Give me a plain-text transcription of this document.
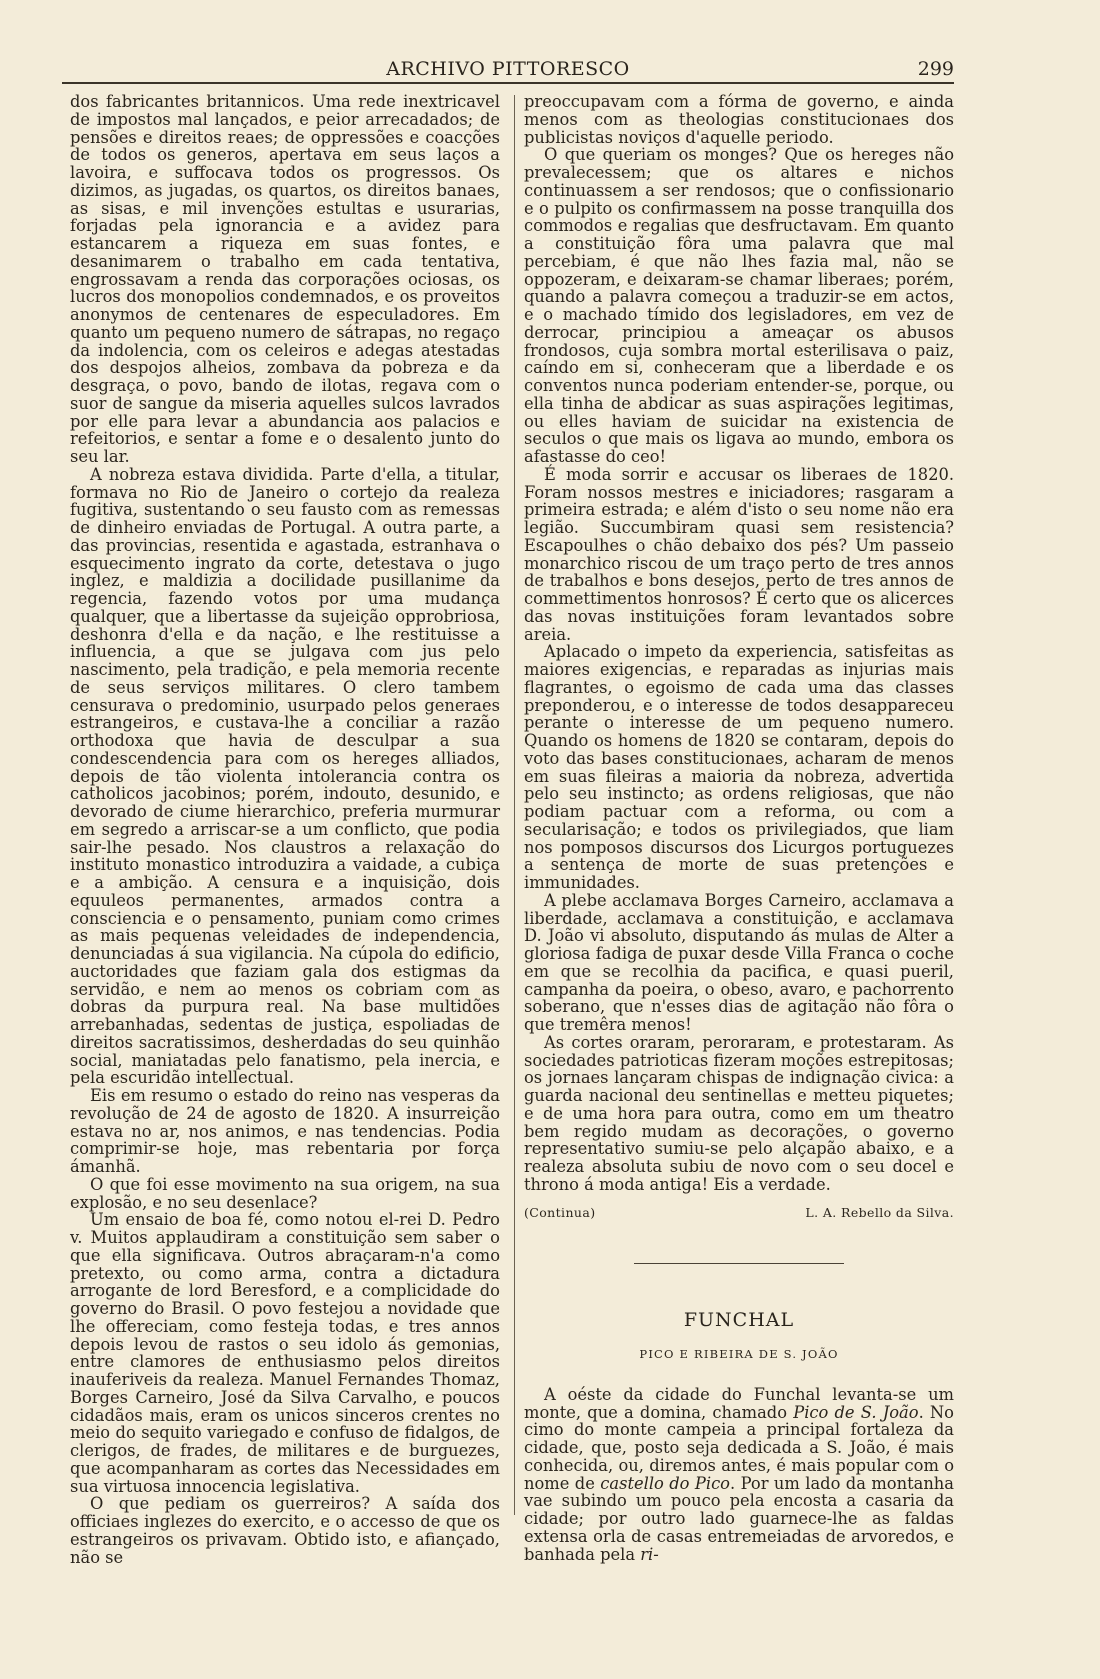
ARCHIVO PITTORESCO	299

dos fabricantes britannicos. Uma rede inextricavel de impostos mal lançados, e peior arrecadados; de pensões e direitos reaes; de oppressões e coacções de todos os generos, apertava em seus laços a lavoira, e suffocava todos os progressos. Os dizimos, as jugadas, os quartos, os direitos banaes, as sisas, e mil invenções estultas e usurarias, forjadas pela ignorancia e a avidez para estancarem a riqueza em suas fontes, e desanimarem o trabalho em cada tentativa, engrossavam a renda das corporações ociosas, os lucros dos monopolios condemnados, e os proveitos anonymos de centenares de especuladores. Em quanto um pequeno numero de sátrapas, no regaço da indolencia, com os celeiros e adegas atestadas dos despojos alheios, zombava da pobreza e da desgraça, o povo, bando de ilotas, regava com o suor de sangue da miseria aquelles sulcos lavrados por elle para levar a abundancia aos palacios e refeitorios, e sentar a fome e o desalento junto do seu lar.

A nobreza estava dividida. Parte d'ella, a titular, formava no Rio de Janeiro o cortejo da realeza fugitiva, sustentando o seu fausto com as remessas de dinheiro enviadas de Portugal. A outra parte, a das provincias, resentida e agastada, estranhava o esquecimento ingrato da corte, detestava o jugo inglez, e maldizia a docilidade pusillanime da regencia, fazendo votos por uma mudança qualquer, que a libertasse da sujeição opprobriosa, deshonra d'ella e da nação, e lhe restituisse a influencia, a que se julgava com jus pelo nascimento, pela tradição, e pela memoria recente de seus serviços militares. O clero tambem censurava o predominio, usurpado pelos generaes estrangeiros, e custava-lhe a conciliar a razão orthodoxa que havia de desculpar a sua condescendencia para com os hereges alliados, depois de tão violenta intolerancia contra os catholicos jacobinos; porém, indouto, desunido, e devorado de ciume hierarchico, preferia murmurar em segredo a arriscar-se a um conflicto, que podia sair-lhe pesado. Nos claustros a relaxação do instituto monastico introduzira a vaidade, a cubiça e a ambição. A censura e a inquisição, dois equuleos permanentes, armados contra a consciencia e o pensamento, puniam como crimes as mais pequenas veleidades de independencia, denunciadas á sua vigilancia. Na cúpola do edificio, auctoridades que faziam gala dos estigmas da servidão, e nem ao menos os cobriam com as dobras da purpura real. Na base multidões arrebanhadas, sedentas de justiça, espoliadas de direitos sacratissimos, desherdadas do seu quinhão social, maniatadas pelo fanatismo, pela inercia, e pela escuridão intellectual.

Eis em resumo o estado do reino nas vesperas da revolução de 24 de agosto de 1820. A insurreição estava no ar, nos animos, e nas tendencias. Podia comprimir-se hoje, mas rebentaria por força ámanhã.

O que foi esse movimento na sua origem, na sua explosão, e no seu desenlace?

Um ensaio de boa fé, como notou el-rei D. Pedro v. Muitos applaudiram a constituição sem saber o que ella significava. Outros abraçaram-n'a como pretexto, ou como arma, contra a dictadura arrogante de lord Beresford, e a complicidade do governo do Brasil. O povo festejou a novidade que lhe offereciam, como festeja todas, e tres annos depois levou de rastos o seu idolo ás gemonias, entre clamores de enthusiasmo pelos direitos inauferiveis da realeza. Manuel Fernandes Thomaz, Borges Carneiro, José da Silva Carvalho, e poucos cidadãos mais, eram os unicos sinceros crentes no meio do sequito variegado e confuso de fidalgos, de clerigos, de frades, de militares e de burguezes, que acompanharam as cortes das Necessidades em sua virtuosa innocencia legislativa.

O que pediam os guerreiros? A saída dos officiaes inglezes do exercito, e o accesso de que os estrangeiros os privavam. Obtido isto, e afiançado, não se

preoccupavam com a fórma de governo, e ainda menos com as theologias constitucionaes dos publicistas noviços d'aquelle periodo.

O que queriam os monges? Que os hereges não prevalecessem; que os altares e nichos continuassem a ser rendosos; que o confissionario e o pulpito os confirmassem na posse tranquilla dos commodos e regalias que desfructavam. Em quanto a constituição fôra uma palavra que mal percebiam, é que não lhes fazia mal, não se oppozeram, e deixaram-se chamar liberaes; porém, quando a palavra começou a traduzir-se em actos, e o machado tímido dos legisladores, em vez de derrocar, principiou a ameaçar os abusos frondosos, cuja sombra mortal esterilisava o paiz, caíndo em si, conheceram que a liberdade e os conventos nunca poderiam entender-se, porque, ou ella tinha de abdicar as suas aspirações legitimas, ou elles haviam de suicidar na existencia de seculos o que mais os ligava ao mundo, embora os afastasse do ceo!

É moda sorrir e accusar os liberaes de 1820. Foram nossos mestres e iniciadores; rasgaram a primeira estrada; e além d'isto o seu nome não era legião. Succumbiram quasi sem resistencia? Escapoulhes o chão debaixo dos pés? Um passeio monarchico riscou de um traço perto de tres annos de trabalhos e bons desejos, perto de tres annos de commettimentos honrosos? É certo que os alicerces das novas instituições foram levantados sobre areia.

Aplacado o impeto da experiencia, satisfeitas as maiores exigencias, e reparadas as injurias mais flagrantes, o egoismo de cada uma das classes preponderou, e o interesse de todos desappareceu perante o interesse de um pequeno numero. Quando os homens de 1820 se contaram, depois do voto das bases constitucionaes, acharam de menos em suas fileiras a maioria da nobreza, advertida pelo seu instincto; as ordens religiosas, que não podiam pactuar com a reforma, ou com a secularisação; e todos os privilegiados, que liam nos pomposos discursos dos Licurgos portuguezes a sentença de morte de suas pretenções e immunidades.

A plebe acclamava Borges Carneiro, acclamava a liberdade, acclamava a constituição, e acclamava D. João vi absoluto, disputando ás mulas de Alter a gloriosa fadiga de puxar desde Villa Franca o coche em que se recolhia da pacifica, e quasi pueril, campanha da poeira, o obeso, avaro, e pachorrento soberano, que n'esses dias de agitação não fôra o que tremêra menos!

As cortes oraram, peroraram, e protestaram. As sociedades patrioticas fizeram moções estrepitosas; os jornaes lançaram chispas de indignação civica: a guarda nacional deu sentinellas e metteu piquetes; e de uma hora para outra, como em um theatro bem regido mudam as decorações, o governo representativo sumiu-se pelo alçapão abaixo, e a realeza absoluta subiu de novo com o seu docel e throno á moda antiga! Eis a verdade.

(Continua)	L. A. Rebello da Silva.
FUNCHAL
PICO E RIBEIRA DE S. JOÃO

A oéste da cidade do Funchal levanta-se um monte, que a domina, chamado Pico de S. João. No cimo do monte campeia a principal fortaleza da cidade, que, posto seja dedicada a S. João, é mais conhecida, ou, diremos antes, é mais popular com o nome de castello do Pico. Por um lado da montanha vae subindo um pouco pela encosta a casaria da cidade; por outro lado guarnece-lhe as faldas extensa orla de casas entremeiadas de arvoredos, e banhada pela ri-
